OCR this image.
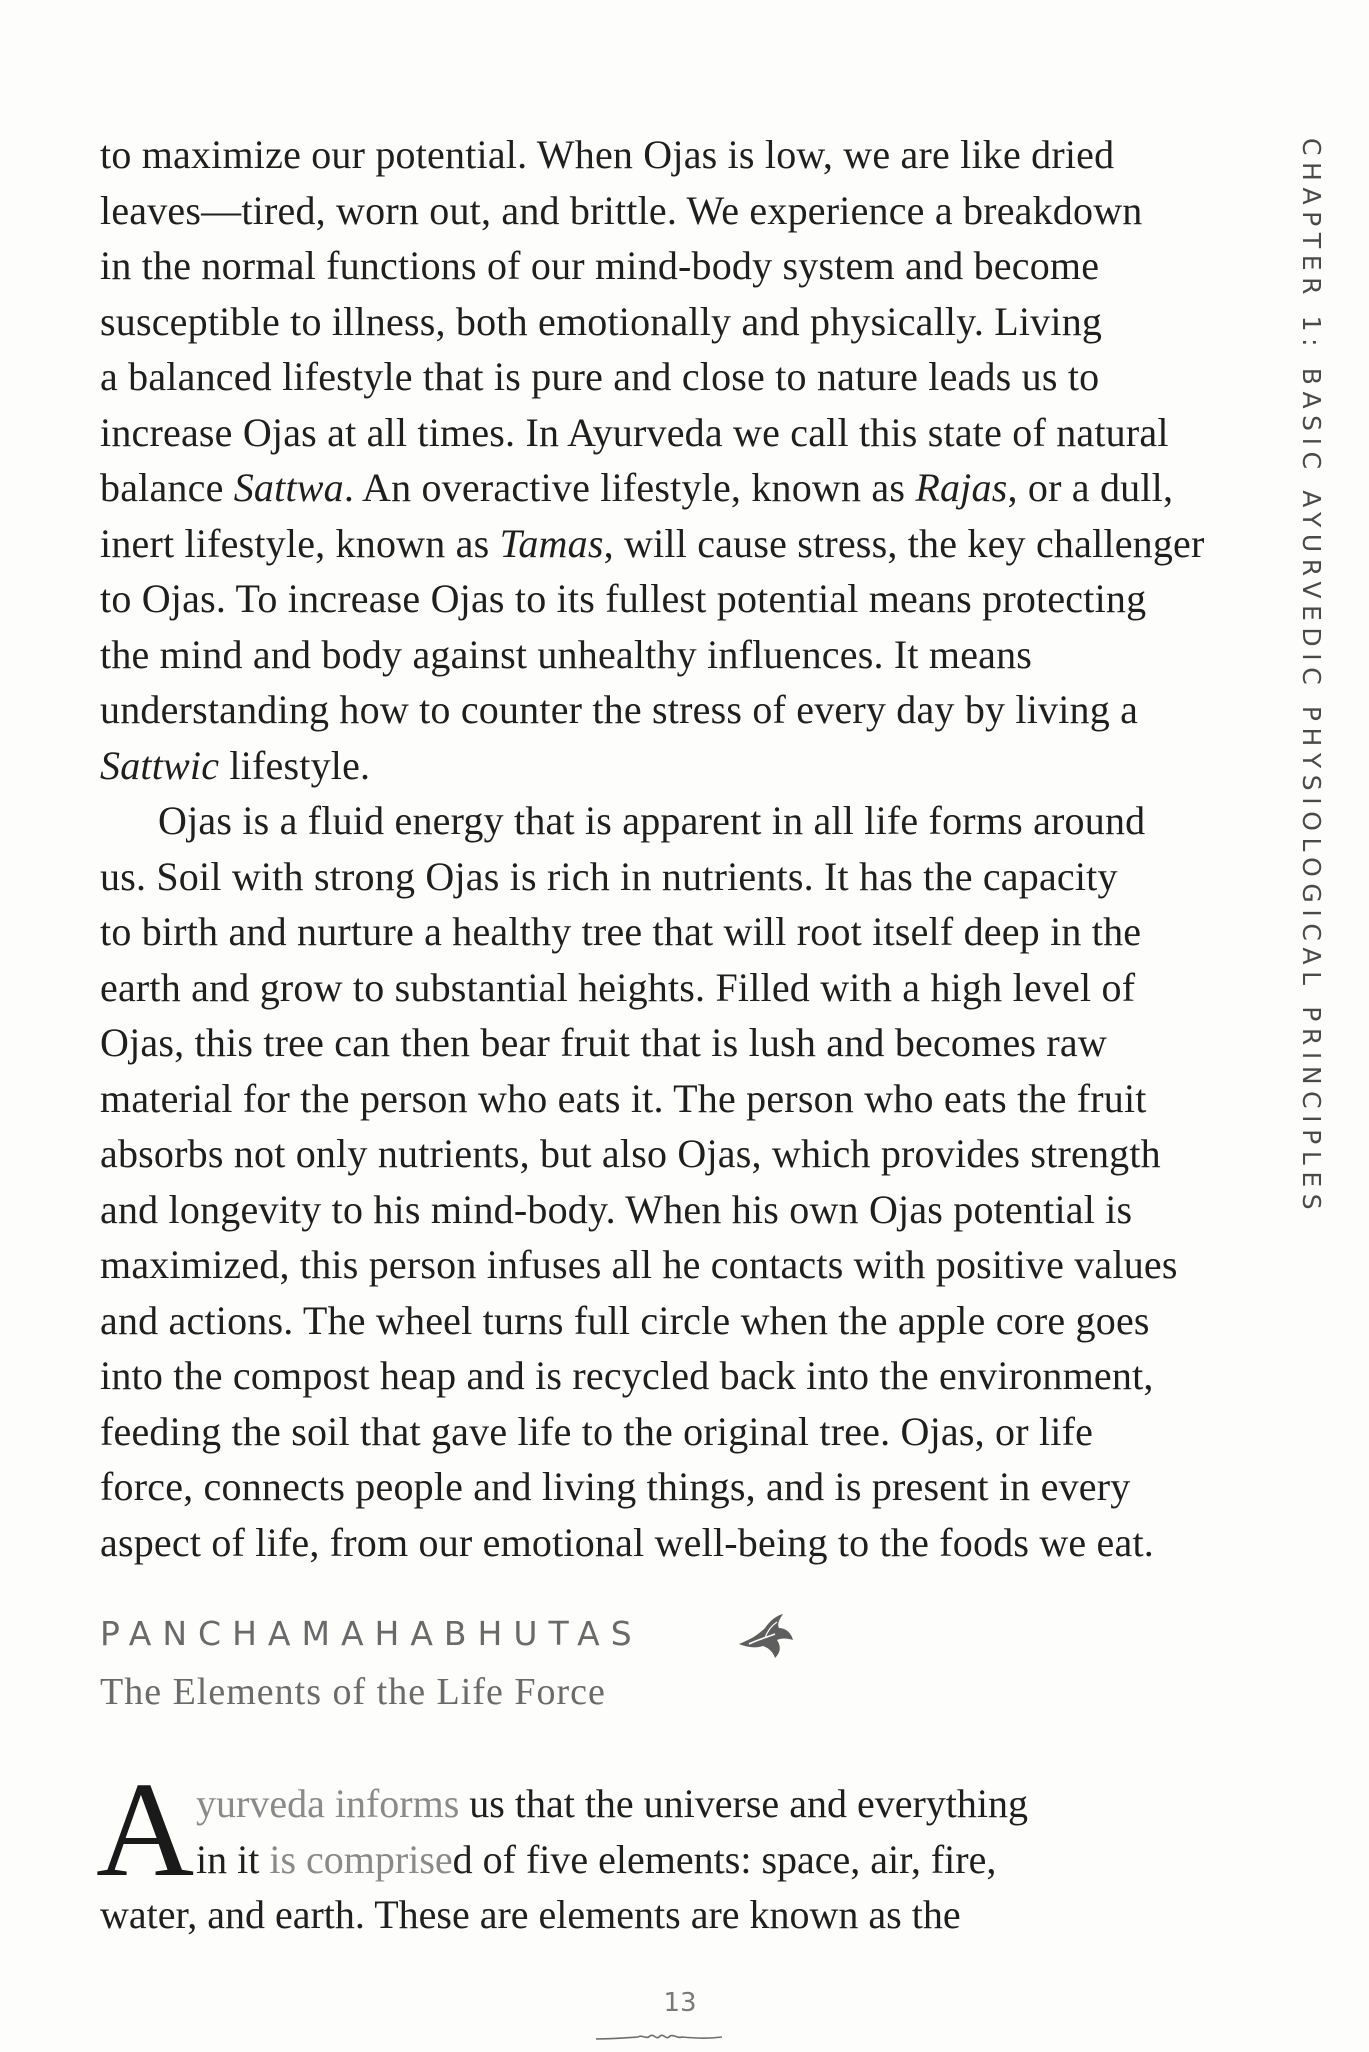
CHAPTER 1: BASIC AYURVEDIC PHYSIOLOGICAL PRINCIPLES
to maximize our potential. When Ojas is low, we are like dried
leaves—tired, worn out, and brittle. We experience a breakdown
in the normal functions of our mind-body system and become
susceptible to illness, both emotionally and physically. Living
a balanced lifestyle that is pure and close to nature leads us to
increase Ojas at all times. In Ayurveda we call this state of natural
balance Sattwa. An overactive lifestyle, known as Rajas, or a dull,
inert lifestyle, known as Tamas, will cause stress, the key challenger
to Ojas. To increase Ojas to its fullest potential means protecting
the mind and body against unhealthy influences. It means
understanding how to counter the stress of every day by living a
Sattwic lifestyle.
Ojas is a fluid energy that is apparent in all life forms around
us. Soil with strong Ojas is rich in nutrients. It has the capacity
to birth and nurture a healthy tree that will root itself deep in the
earth and grow to substantial heights. Filled with a high level of
Ojas, this tree can then bear fruit that is lush and becomes raw
material for the person who eats it. The person who eats the fruit
absorbs not only nutrients, but also Ojas, which provides strength
and longevity to his mind-body. When his own Ojas potential is
maximized, this person infuses all he contacts with positive values
and actions. The wheel turns full circle when the apple core goes
into the compost heap and is recycled back into the environment,
feeding the soil that gave life to the original tree. Ojas, or life
force, connects people and living things, and is present in every
aspect of life, from our emotional well-being to the foods we eat.
PANCHAMAHABHUTAS
The Elements of the Life Force
A yurveda informs us that the universe and everything
in it is comprised of five elements: space, air, fire,
water, and earth. These are elements are known as the
13
